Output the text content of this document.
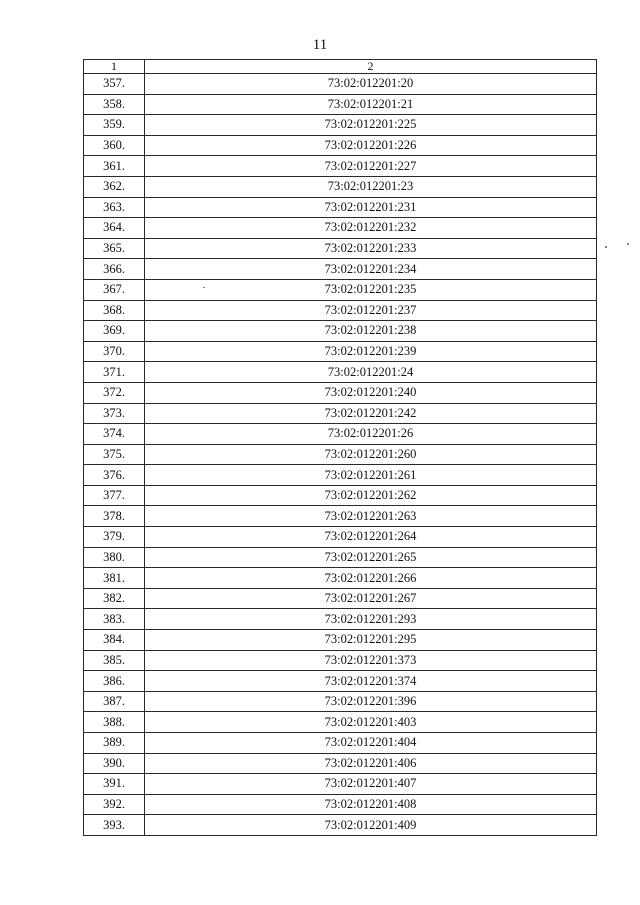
11
1	2
357.	73:02:012201:20
358.	73:02:012201:21
359.	73:02:012201:225
360.	73:02:012201:226
361.	73:02:012201:227
362.	73:02:012201:23
363.	73:02:012201:231
364.	73:02:012201:232
365.	73:02:012201:233
366.	73:02:012201:234
367.	73:02:012201:235
368.	73:02:012201:237
369.	73:02:012201:238
370.	73:02:012201:239
371.	73:02:012201:24
372.	73:02:012201:240
373.	73:02:012201:242
374.	73:02:012201:26
375.	73:02:012201:260
376.	73:02:012201:261
377.	73:02:012201:262
378.	73:02:012201:263
379.	73:02:012201:264
380.	73:02:012201:265
381.	73:02:012201:266
382.	73:02:012201:267
383.	73:02:012201:293
384.	73:02:012201:295
385.	73:02:012201:373
386.	73:02:012201:374
387.	73:02:012201:396
388.	73:02:012201:403
389.	73:02:012201:404
390.	73:02:012201:406
391.	73:02:012201:407
392.	73:02:012201:408
393.	73:02:012201:409
